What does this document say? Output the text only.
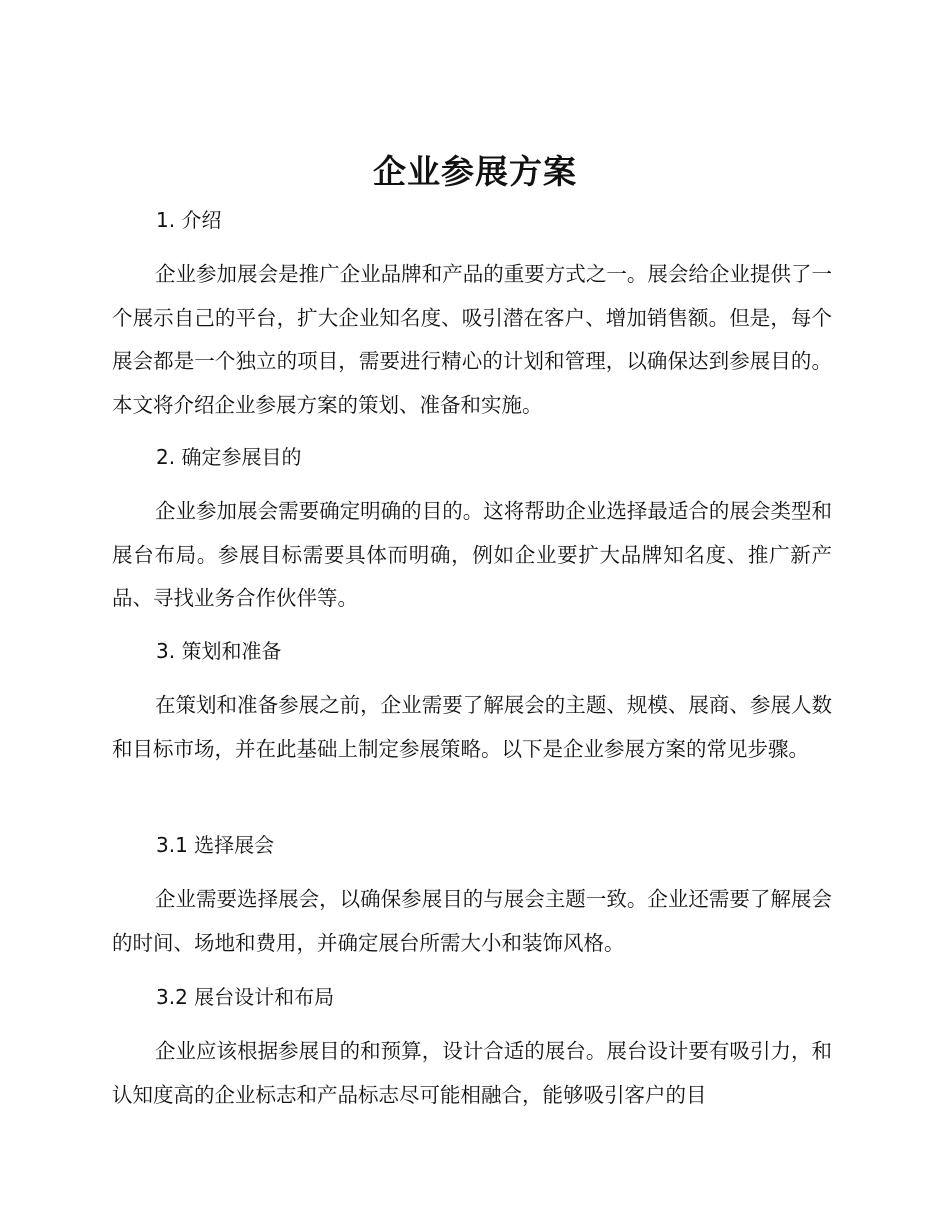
企业参展方案
1. 介绍

企业参加展会是推广企业品牌和产品的重要方式之一。展会给企业提供了一个展示自己的平台，扩大企业知名度、吸引潜在客户、增加销售额。但是，每个展会都是一个独立的项目，需要进行精心的计划和管理，以确保达到参展目的。本文将介绍企业参展方案的策划、准备和实施。

2. 确定参展目的

企业参加展会需要确定明确的目的。这将帮助企业选择最适合的展会类型和展台布局。参展目标需要具体而明确，例如企业要扩大品牌知名度、推广新产品、寻找业务合作伙伴等。

3. 策划和准备

在策划和准备参展之前，企业需要了解展会的主题、规模、展商、参展人数和目标市场，并在此基础上制定参展策略。以下是企业参展方案的常见步骤。

3.1 选择展会

企业需要选择展会，以确保参展目的与展会主题一致。企业还需要了解展会的时间、场地和费用，并确定展台所需大小和装饰风格。

3.2 展台设计和布局

企业应该根据参展目的和预算，设计合适的展台。展台设计要有吸引力，和认知度高的企业标志和产品标志尽可能相融合，能够吸引客户的目
